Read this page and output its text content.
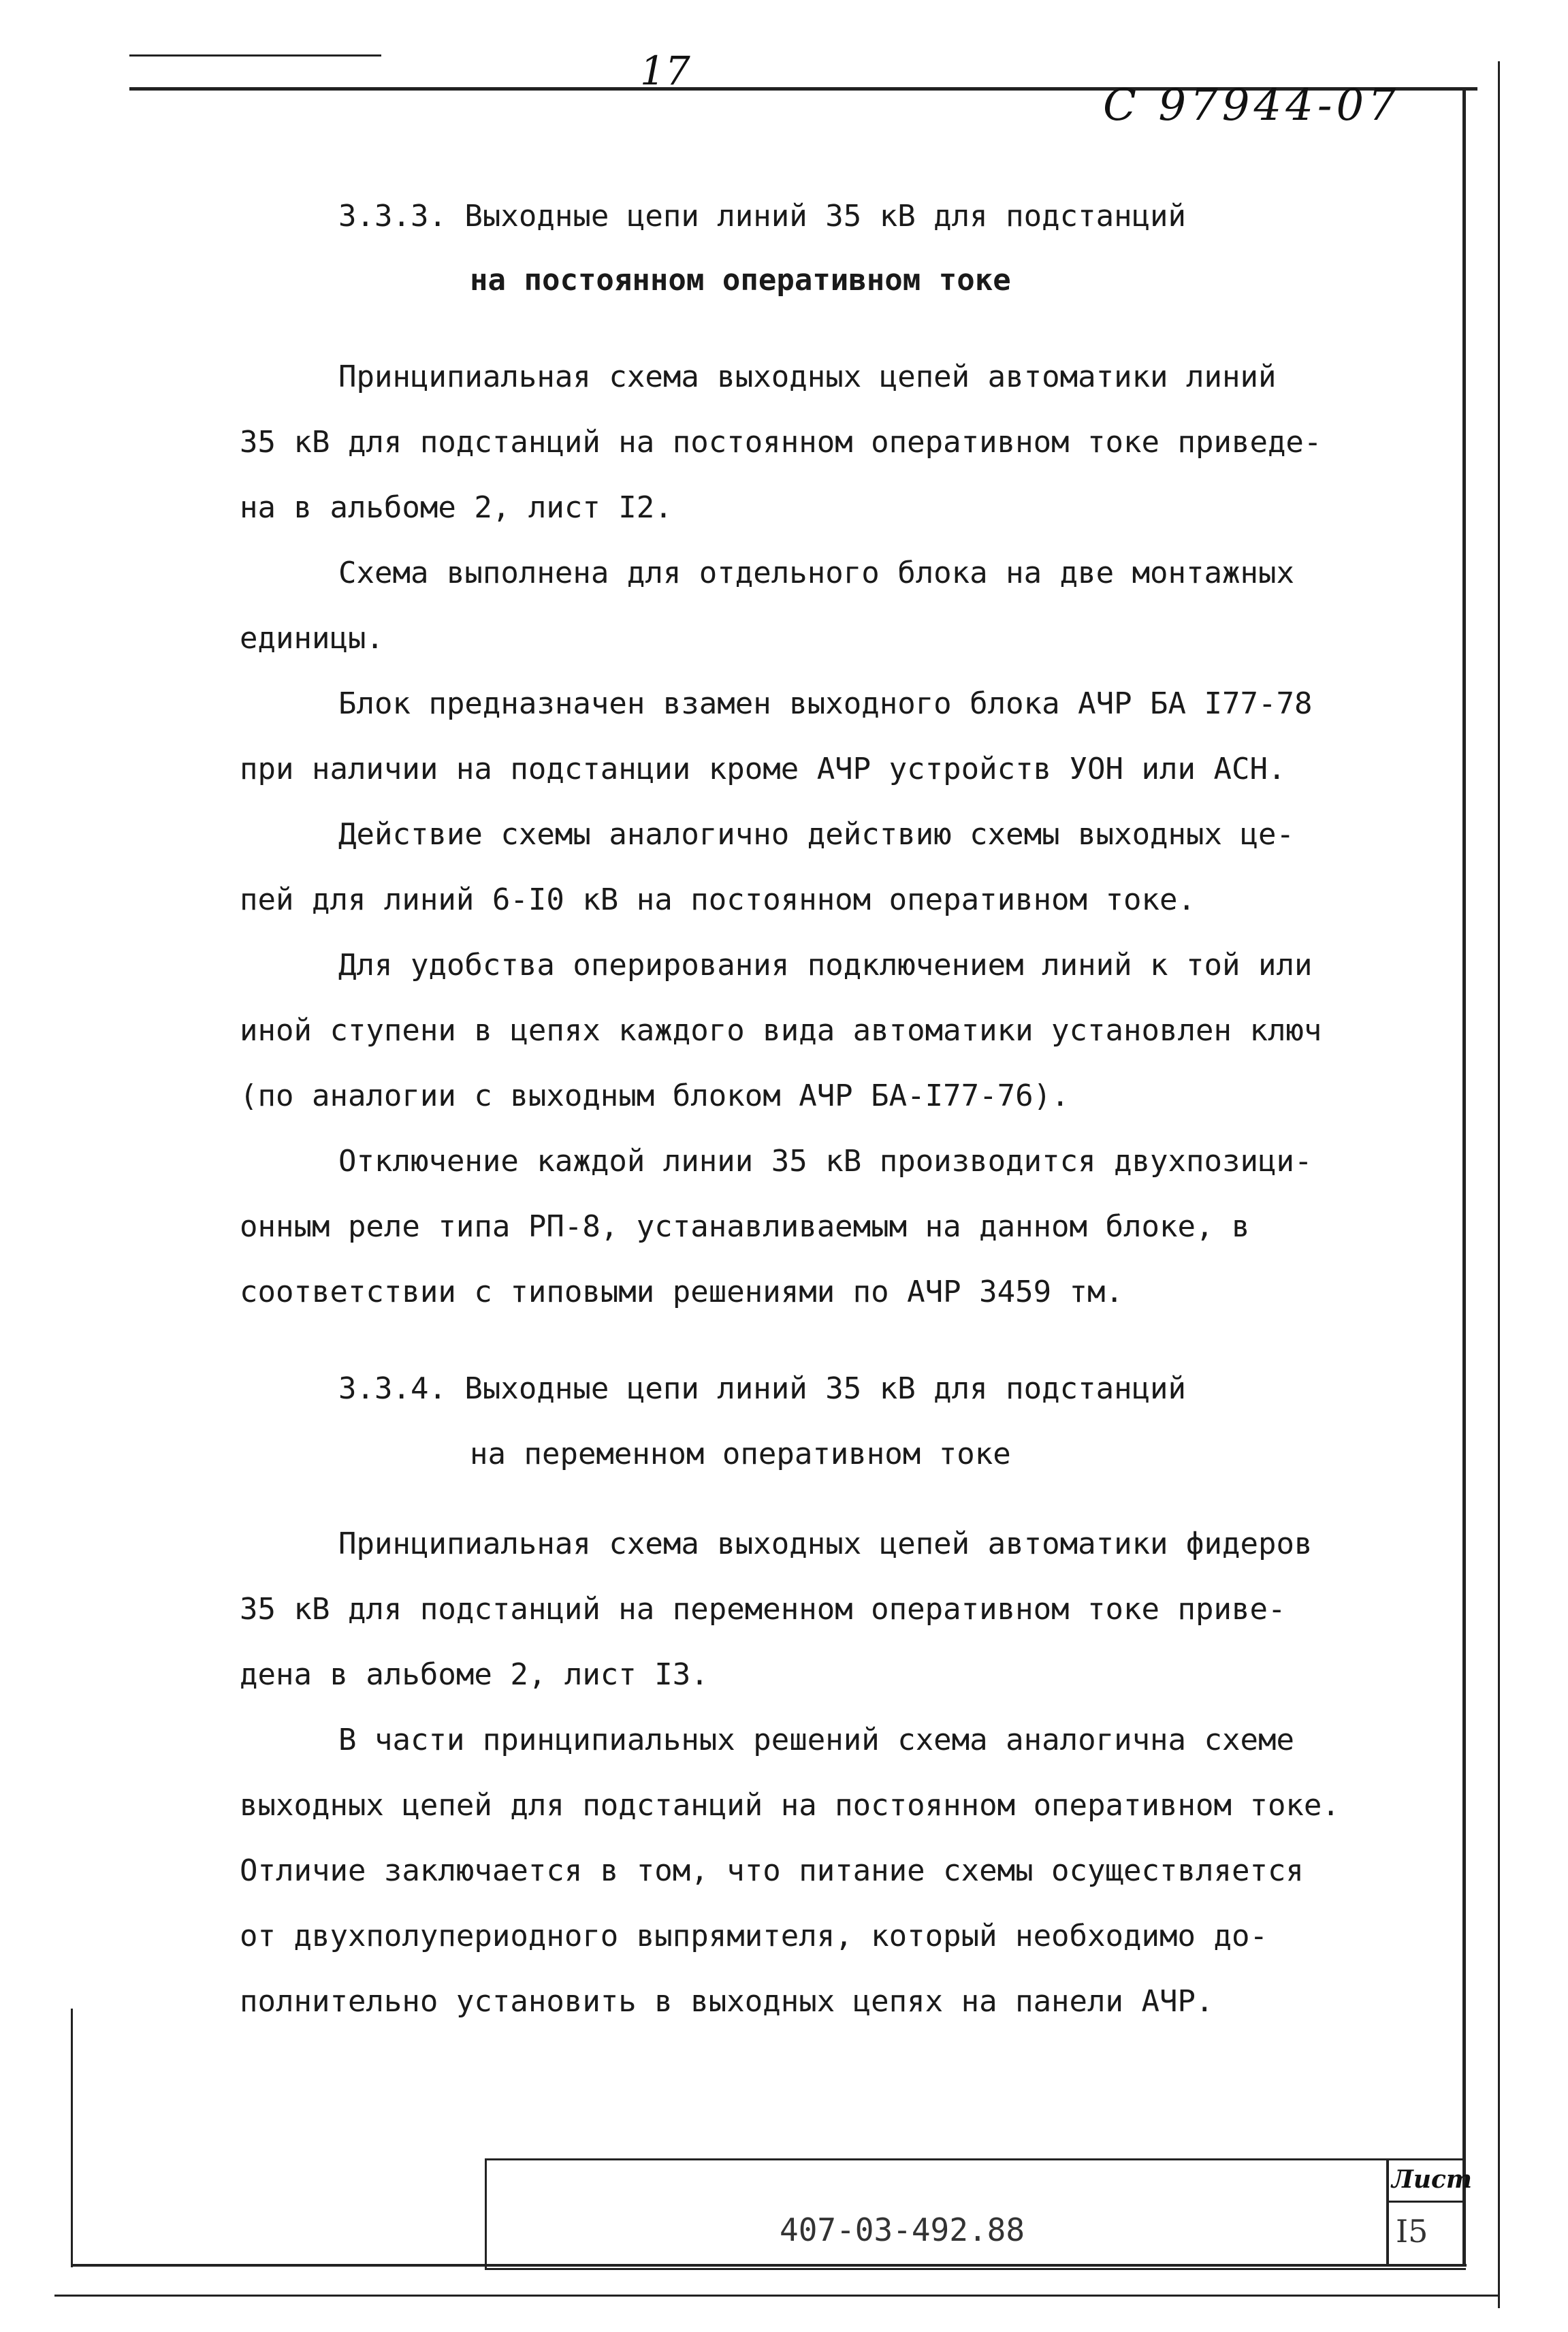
17
С 97944-07
3.3.3. Выходные цепи линий 35 кВ для подстанций
на постоянном оперативном токе
Принципиальная схема выходных цепей автоматики линий
35 кВ для подстанций на постоянном оперативном токе приведе-
на в альбоме 2, лист I2.
Схема выполнена для отдельного блока на две монтажных
единицы.
Блок предназначен взамен выходного блока АЧР БА I77-78
при наличии на подстанции кроме АЧР устройств УОН или АСН.
Действие схемы аналогично действию схемы выходных це-
пей для линий 6-I0 кВ на постоянном оперативном токе.
Для удобства оперирования подключением линий к той или
иной ступени в цепях каждого вида автоматики установлен ключ
(по аналогии с выходным блоком АЧР БА-I77-76).
Отключение каждой линии 35 кВ производится двухпозици-
онным реле типа РП-8, устанавливаемым на данном блоке, в
соответствии с типовыми решениями по АЧР 3459 тм.
3.3.4. Выходные цепи линий 35 кВ для подстанций
на переменном оперативном токе
Принципиальная схема выходных цепей автоматики фидеров
35 кВ для подстанций на переменном оперативном токе приве-
дена в альбоме 2, лист I3.
В части принципиальных решений схема аналогична схеме
выходных цепей для подстанций на постоянном оперативном токе.
Отличие заключается в том, что питание схемы осуществляется
от двухполупериодного выпрямителя, который необходимо до-
полнительно установить в выходных цепях на панели АЧР.
407-03-492.88
Лист
I5
